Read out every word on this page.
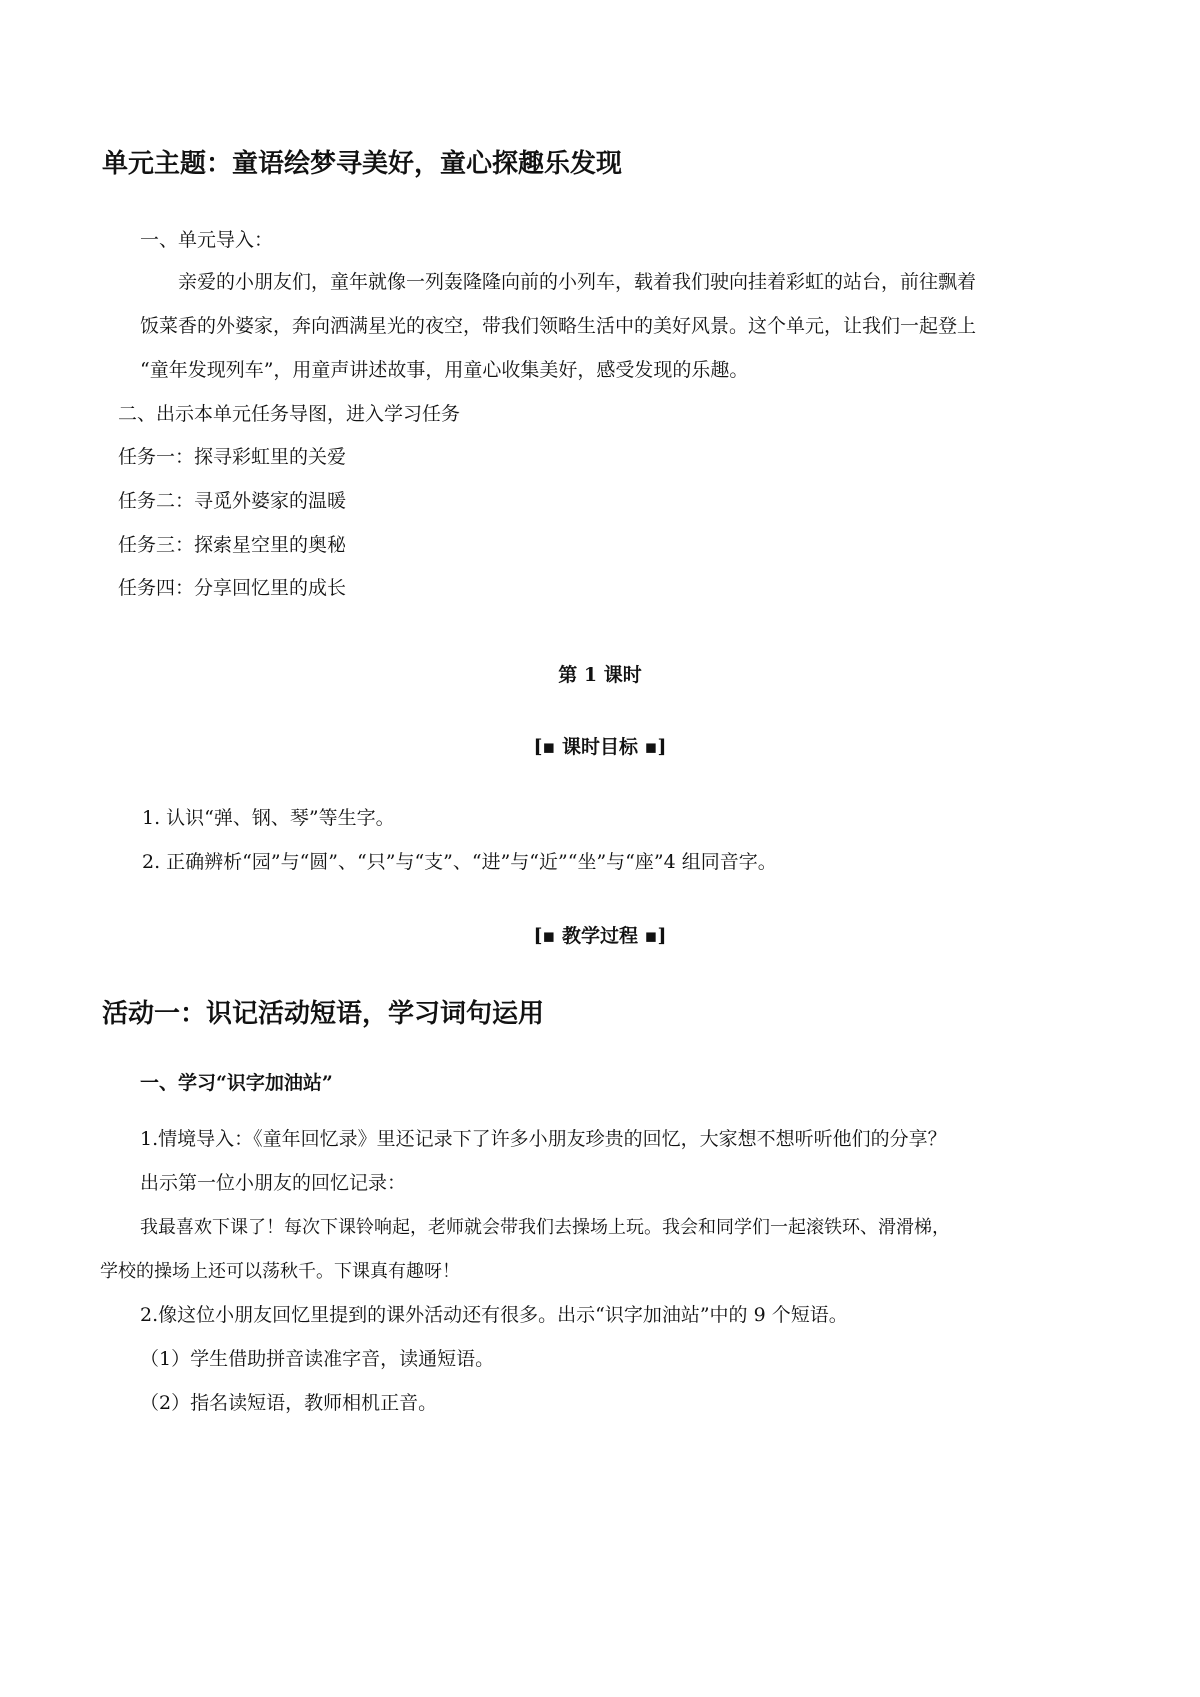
单元主题：童语绘梦寻美好，童心探趣乐发现
一、单元导入：
亲爱的小朋友们，童年就像一列轰隆隆向前的小列车，载着我们驶向挂着彩虹的站台，前往飘着
饭菜香的外婆家，奔向洒满星光的夜空，带我们领略生活中的美好风景。这个单元，让我们一起登上
“童年发现列车”，用童声讲述故事，用童心收集美好，感受发现的乐趣。
二、出示本单元任务导图，进入学习任务
任务一：探寻彩虹里的关爱
任务二：寻觅外婆家的温暖
任务三：探索星空里的奥秘
任务四：分享回忆里的成长
第 1 课时
[▪ 课时目标 ▪]
1. 认识“弹、钢、琴”等生字。
2. 正确辨析“园”与“圆”、“只”与“支”、“进”与“近”“坐”与“座”4 组同音字。
[▪ 教学过程 ▪]
活动一：识记活动短语，学习词句运用
一、学习“识字加油站”
1.情境导入：《童年回忆录》里还记录下了许多小朋友珍贵的回忆，大家想不想听听他们的分享？
出示第一位小朋友的回忆记录：
我最喜欢下课了！每次下课铃响起，老师就会带我们去操场上玩。我会和同学们一起滚铁环、滑滑梯，
学校的操场上还可以荡秋千。下课真有趣呀！
2.像这位小朋友回忆里提到的课外活动还有很多。出示“识字加油站”中的 9 个短语。
（1）学生借助拼音读准字音，读通短语。
（2）指名读短语，教师相机正音。
